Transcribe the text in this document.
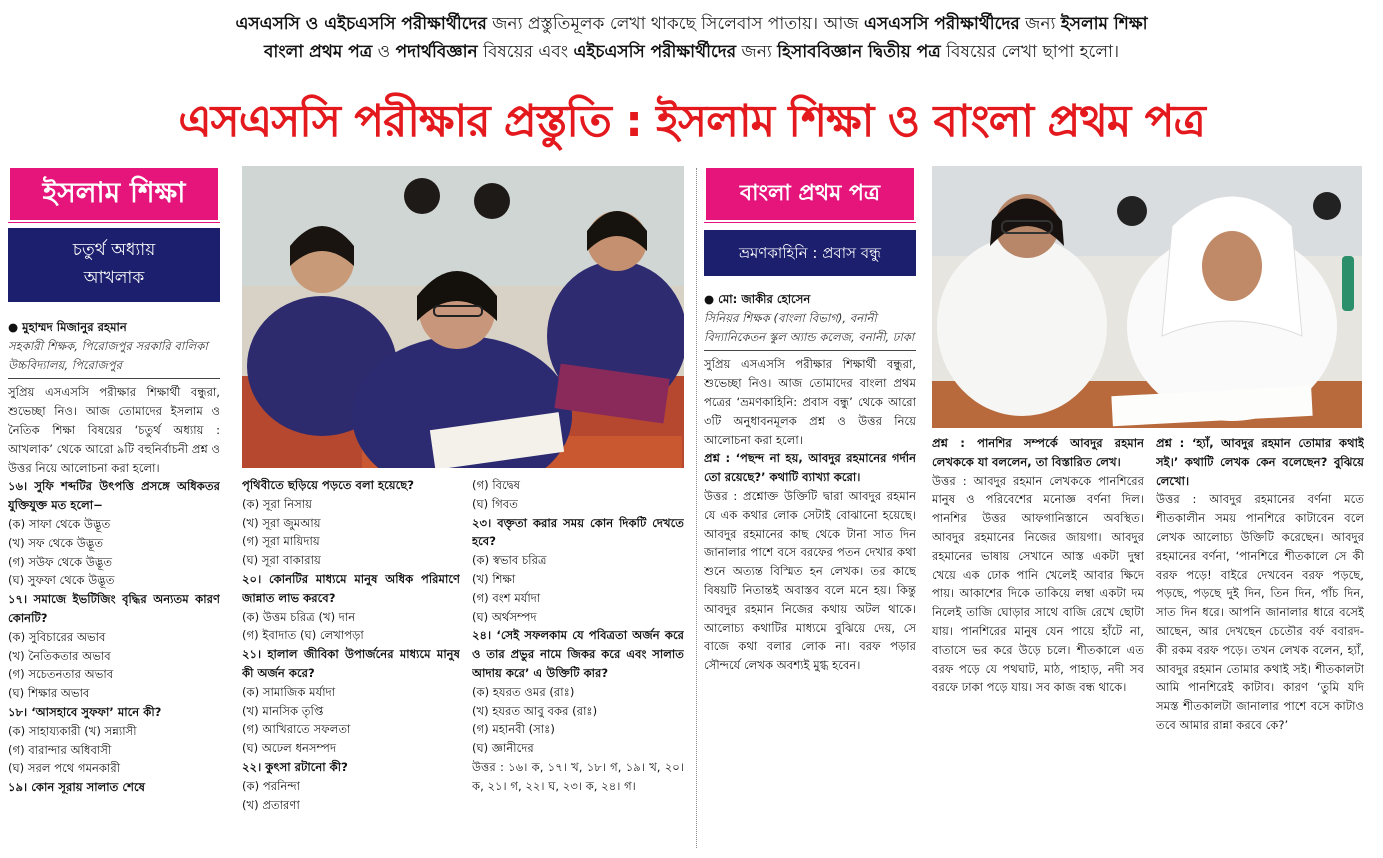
এসএসসি ও এইচএসসি পরীক্ষার্থীদের জন্য প্রস্তুতিমূলক লেখা থাকছে সিলেবাস পাতায়। আজ এসএসসি পরীক্ষার্থীদের জন্য ইসলাম শিক্ষা
বাংলা প্রথম পত্র ও পদার্থবিজ্ঞান বিষয়ের এবং এইচএসসি পরীক্ষার্থীদের জন্য হিসাববিজ্ঞান দ্বিতীয় পত্র বিষয়ের লেখা ছাপা হলো।
এসএসসি পরীক্ষার প্রস্তুতি : ইসলাম শিক্ষা ও বাংলা প্রথম পত্র
ইসলাম শিক্ষা
চতুর্থ অধ্যায়
আখলাক
● মুহাম্মদ মিজানুর রহমান
সহকারী শিক্ষক, পিরোজপুর সরকারি বালিকা উচ্চবিদ্যালয়, পিরোজপুর

সুপ্রিয় এসএসসি পরীক্ষার শিক্ষার্থী বন্ধুরা, শুভেচ্ছা নিও। আজ তোমাদের ইসলাম ও নৈতিক শিক্ষা বিষয়ের ‘চতুর্থ অধ্যায় : আখলাক’ থেকে আরো ৯টি বহুনির্বাচনী প্রশ্ন ও উত্তর নিয়ে আলোচনা করা হলো।

১৬। সুফি শব্দটির উৎপত্তি প্রসঙ্গে অধিকতর যুক্তিযুক্ত মত হলো−

(ক) সাফা থেকে উদ্ভূত

(খ) সফ থেকে উদ্ভূত

(গ) সউফ থেকে উদ্ভূত

(ঘ) সুফফা থেকে উদ্ভূত

১৭। সমাজে ইভটিজিং বৃদ্ধির অন্যতম কারণ কোনটি?

(ক) সুবিচারের অভাব

(খ) নৈতিকতার অভাব

(গ) সচেতনতার অভাব

(ঘ) শিক্ষার অভাব

১৮। ‘আসহাবে সুফফা’ মানে কী?

(ক) সাহায্যকারী (খ) সন্ন্যাসী

(গ) বারান্দার অধিবাসী

(ঘ) সরল পথে গমনকারী

১৯। কোন সূরায় সালাত শেষে

পৃথিবীতে ছড়িয়ে পড়তে বলা হয়েছে?

(ক) সূরা নিসায়

(খ) সূরা জুমআয়

(গ) সূরা মায়িদায়

(ঘ) সূরা বাকারায়

২০। কোনটির মাধ্যমে মানুষ অধিক পরিমাণে জান্নাত লাভ করবে?

(ক) উত্তম চরিত্র (খ) দান

(গ) ইবাদাত (ঘ) লেখাপড়া

২১। হালাল জীবিকা উপার্জনের মাধ্যমে মানুষ কী অর্জন করে?

(ক) সামাজিক মর্যাদা

(খ) মানসিক তৃপ্তি

(গ) আখিরাতে সফলতা

(ঘ) অঢেল ধনসম্পদ

২২। কুৎসা রটানো কী?

(ক) পরনিন্দা

(খ) প্রতারণা

(গ) বিদ্বেষ

(ঘ) গিবত

২৩। বক্তৃতা করার সময় কোন দিকটি দেখতে হবে?

(ক) স্বভাব চরিত্র

(খ) শিক্ষা

(গ) বংশ মর্যাদা

(ঘ) অর্থসম্পদ

২৪। ‘সেই সফলকাম যে পবিত্রতা অর্জন করে ও তার প্রভুর নামে জিকর করে এবং সালাত আদায় করে’ এ উক্তিটি কার?

(ক) হযরত ওমর (রাঃ)

(খ) হযরত আবু বকর (রাঃ)

(গ) মহানবী (সাঃ)

(ঘ) জ্ঞানীদের

উত্তর : ১৬। ক, ১৭। খ, ১৮। গ, ১৯। খ, ২০। ক, ২১। গ, ২২। ঘ, ২৩। ক, ২৪। গ।

বাংলা প্রথম পত্র
ভ্রমণকাহিনি : প্রবাস বন্ধু
● মো: জাকীর হোসেন
সিনিয়র শিক্ষক (বাংলা বিভাগ), বনানী বিদ্যানিকেতন স্কুল অ্যান্ড কলেজ, বনানী, ঢাকা

সুপ্রিয় এসএসসি পরীক্ষার শিক্ষার্থী বন্ধুরা, শুভেচ্ছা নিও। আজ তোমাদের বাংলা প্রথম পত্রের ‘ভ্রমণকাহিনি: প্রবাস বন্ধু’ থেকে আরো ৩টি অনুধাবনমূলক প্রশ্ন ও উত্তর নিয়ে আলোচনা করা হলো।

প্রশ্ন : ‘পছন্দ না হয়, আবদুর রহমানের গর্দান তো রয়েছে?’ কথাটি ব্যাখ্যা করো।

উত্তর : প্রশ্নোক্ত উক্তিটি দ্বারা আবদুর রহমান যে এক কথার লোক সেটাই বোঝানো হয়েছে। আবদুর রহমানের কাছ থেকে টানা সাত দিন জানালার পাশে বসে বরফের পতন দেখার কথা শুনে অত্যন্ত বিস্মিত হন লেখক। তর কাছে বিষয়টি নিতান্তই অবাস্তব বলে মনে হয়। কিন্তু আবদুর রহমান নিজের কথায় অটল থাকে। আলোচ্য কথাটির মাধ্যমে বুঝিয়ে দেয়, সে বাজে কথা বলার লোক না। বরফ পড়ার সৌন্দর্যে লেখক অবশ্যই মুগ্ধ হবেন।

প্রশ্ন : পানশির সম্পর্কে আবদুর রহমান লেখককে যা বললেন, তা বিস্তারিত লেখ।

উত্তর : আবদুর রহমান লেখককে পানশিরের মানুষ ও পরিবেশের মনোজ্ঞ বর্ণনা দিল। পানশির উত্তর আফগানিস্তানে অবস্থিত। আবদুর রহমানের নিজের জায়গা। আবদুর রহমানের ভাষায় সেখানে আস্ত একটা দুম্বা খেয়ে এক ঢোক পানি খেলেই আবার ক্ষিদে পায়। আকাশের দিকে তাকিয়ে লম্বা একটা দম নিলেই তাজি ঘোড়ার সাথে বাজি রেখে ছোটা যায়। পানশিরের মানুষ যেন পায়ে হাঁটে না, বাতাসে ভর করে উড়ে চলে। শীতকালে এত বরফ পড়ে যে পথঘাট, মাঠ, পাহাড়, নদী সব বরফে ঢাকা পড়ে যায়। সব কাজ বন্ধ থাকে।

প্রশ্ন : ‘হ্যাঁ, আবদুর রহমান তোমার কথাই সই।’ কথাটি লেখক কেন বলেছেন? বুঝিয়ে লেখো।

উত্তর : আবদুর রহমানের বর্ণনা মতে শীতকালীন সময় পানশিরে কাটাবেন বলে লেখক আলোচ্য উক্তিটি করেছেন। আবদুর রহমানের বর্ণনা, ‘পানশিরে শীতকালে সে কী বরফ পড়ে! বাইরে দেখবেন বরফ পড়ছে, পড়ছে, পড়ছে দুই দিন, তিন দিন, পাঁচ দিন, সাত দিন ধরে। আপনি জানালার ধারে বসেই আছেন, আর দেখছেন চেতৌর বর্ফ ববারদ- কী রকম বরফ পড়ে। তখন লেখক বলেন, হ্যাঁ, আবদুর রহমান তোমার কথাই সই। শীতকালটা আমি পানশিরেই কাটাব। কারণ ‘তুমি যদি সমস্ত শীতকালটা জানালার পাশে বসে কাটাও তবে আমার রান্না করবে কে?’
